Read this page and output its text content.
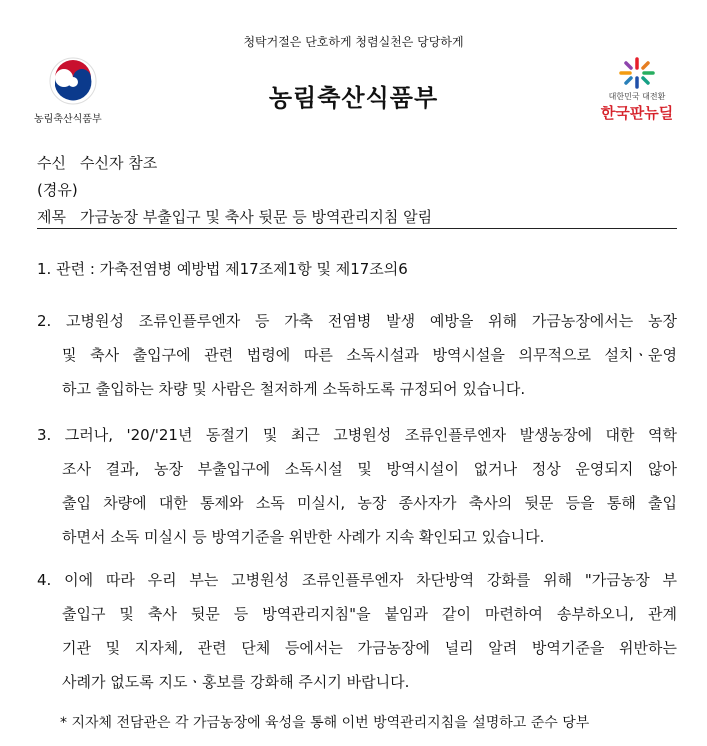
청탁거절은 단호하게 청렴실천은 당당하게
농림축산식품부
농림축산식품부	대한민국 대전환
한국판뉴딜
수신 수신자 참조
(경유)
제목 가금농장 부출입구 및 축사 뒷문 등 방역관리지침 알림
1. 관련 : 가축전염병 예방법 제17조제1항 및 제17조의6
2. 고병원성 조류인플루엔자 등 가축 전염병 발생 예방을 위해 가금농장에서는 농장
및 축사 출입구에 관련 법령에 따른 소독시설과 방역시설을 의무적으로 설치ㆍ운영
하고 출입하는 차량 및 사람은 철저하게 소독하도록 규정되어 있습니다.
3. 그러나, '20/'21년 동절기 및 최근 고병원성 조류인플루엔자 발생농장에 대한 역학
조사 결과, 농장 부출입구에 소독시설 및 방역시설이 없거나 정상 운영되지 않아
출입 차량에 대한 통제와 소독 미실시, 농장 종사자가 축사의 뒷문 등을 통해 출입
하면서 소독 미실시 등 방역기준을 위반한 사례가 지속 확인되고 있습니다.
4. 이에 따라 우리 부는 고병원성 조류인플루엔자 차단방역 강화를 위해 "가금농장 부
출입구 및 축사 뒷문 등 방역관리지침"을 붙임과 같이 마련하여 송부하오니, 관계
기관 및 지자체, 관련 단체 등에서는 가금농장에 널리 알려 방역기준을 위반하는
사례가 없도록 지도ㆍ홍보를 강화해 주시기 바랍니다.
* 지자체 전담관은 각 가금농장에 육성을 통해 이번 방역관리지침을 설명하고 준수 당부
